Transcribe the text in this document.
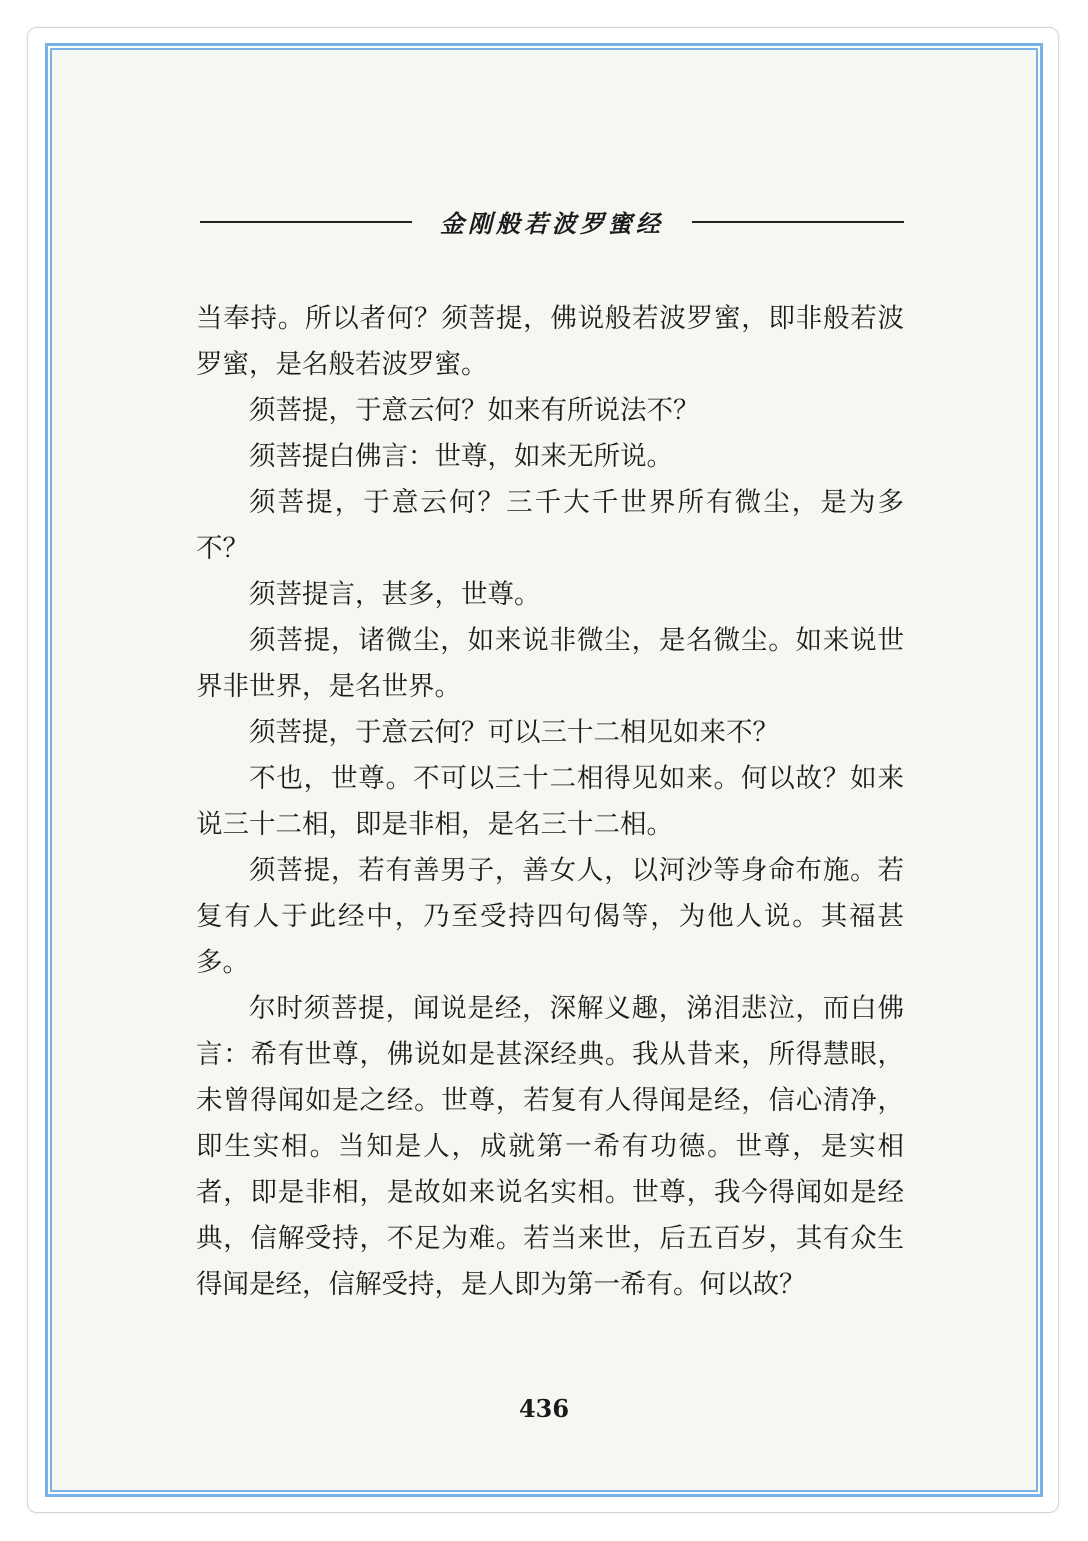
金刚般若波罗蜜经

当奉持。所以者何？须菩提，佛说般若波罗蜜，即非般若波罗蜜，是名般若波罗蜜。

须菩提，于意云何？如来有所说法不？

须菩提白佛言：世尊，如来无所说。

须菩提，于意云何？三千大千世界所有微尘，是为多不？

须菩提言，甚多，世尊。

须菩提，诸微尘，如来说非微尘，是名微尘。如来说世界非世界，是名世界。

须菩提，于意云何？可以三十二相见如来不？

不也，世尊。不可以三十二相得见如来。何以故？如来说三十二相，即是非相，是名三十二相。

须菩提，若有善男子，善女人，以河沙等身命布施。若复有人于此经中，乃至受持四句偈等，为他人说。其福甚多。

尔时须菩提，闻说是经，深解义趣，涕泪悲泣，而白佛言：希有世尊，佛说如是甚深经典。我从昔来，所得慧眼，未曾得闻如是之经。世尊，若复有人得闻是经，信心清净，即生实相。当知是人，成就第一希有功德。世尊，是实相者，即是非相，是故如来说名实相。世尊，我今得闻如是经典，信解受持，不足为难。若当来世，后五百岁，其有众生得闻是经，信解受持，是人即为第一希有。何以故？

436
